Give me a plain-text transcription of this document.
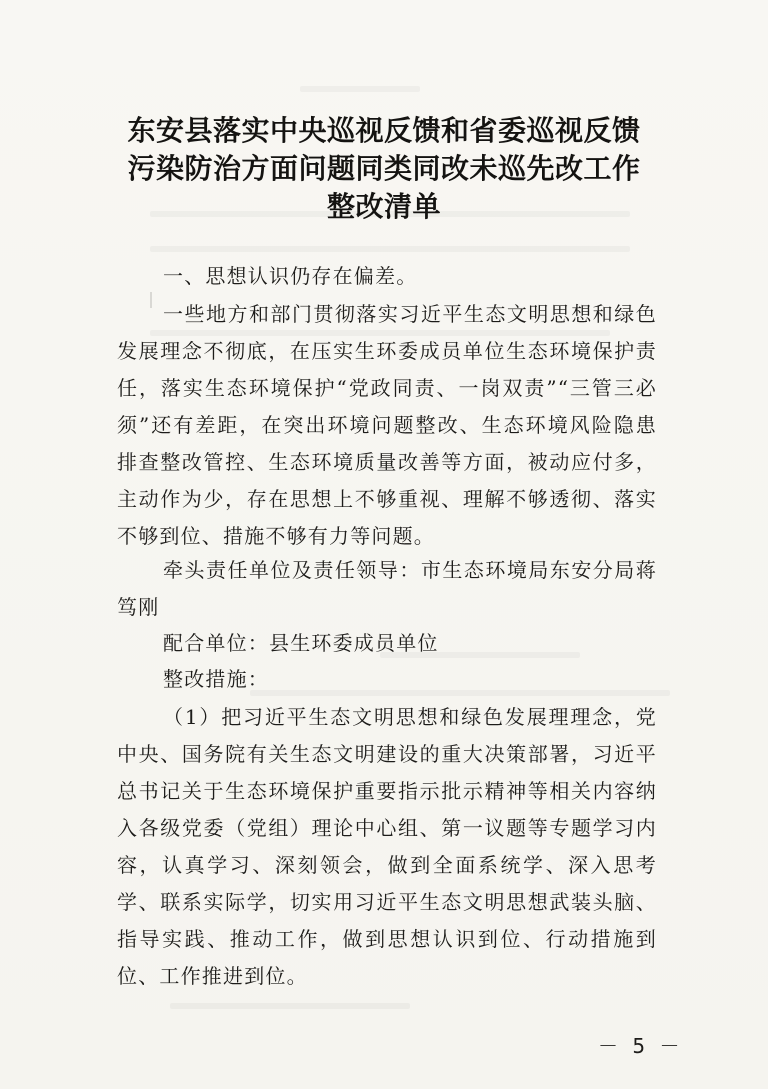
东安县落实中央巡视反馈和省委巡视反馈
污染防治方面问题同类同改未巡先改工作
整改清单
一、思想认识仍存在偏差。

一些地方和部门贯彻落实习近平生态文明思想和绿色发展理念不彻底，在压实生环委成员单位生态环境保护责任，落实生态环境保护“党政同责、一岗双责”“三管三必须”还有差距，在突出环境问题整改、生态环境风险隐患排查整改管控、生态环境质量改善等方面，被动应付多，主动作为少，存在思想上不够重视、理解不够透彻、落实不够到位、措施不够有力等问题。

牵头责任单位及责任领导：市生态环境局东安分局蒋笃刚

配合单位：县生环委成员单位
整改措施：

（1）把习近平生态文明思想和绿色发展理理念，党中央、国务院有关生态文明建设的重大决策部署，习近平总书记关于生态环境保护重要指示批示精神等相关内容纳入各级党委（党组）理论中心组、第一议题等专题学习内容，认真学习、深刻领会，做到全面系统学、深入思考学、联系实际学，切实用习近平生态文明思想武装头脑、指导实践、推动工作，做到思想认识到位、行动措施到位、工作推进到位。

－ 5 －
